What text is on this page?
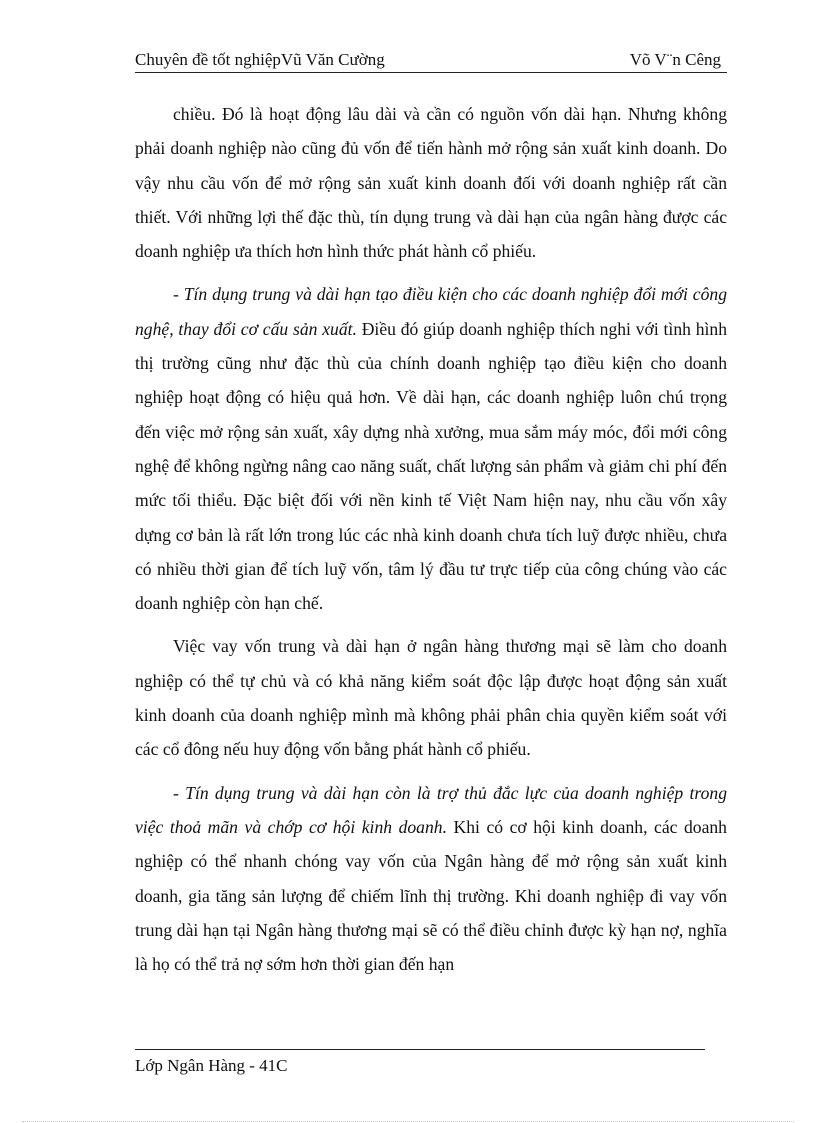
Chuyên đề tốt nghiệpVũ Văn Cường	Võ V¨n Cêng

chiều. Đó là hoạt động lâu dài và cần có nguồn vốn dài hạn. Nhưng không phải doanh nghiệp nào cũng đủ vốn để tiến hành mở rộng sản xuất kinh doanh. Do vậy nhu cầu vốn để mở rộng sản xuất kinh doanh đối với doanh nghiệp rất cần thiết. Với những lợi thế đặc thù, tín dụng trung và dài hạn của ngân hàng được các doanh nghiệp ưa thích hơn hình thức phát hành cổ phiếu.

- Tín dụng trung và dài hạn tạo điều kiện cho các doanh nghiệp đổi mới công nghệ, thay đổi cơ cấu sản xuất. Điều đó giúp doanh nghiệp thích nghi với tình hình thị trường cũng như đặc thù của chính doanh nghiệp tạo điều kiện cho doanh nghiệp hoạt động có hiệu quả hơn. Về dài hạn, các doanh nghiệp luôn chú trọng đến việc mở rộng sản xuất, xây dựng nhà xưởng, mua sắm máy móc, đổi mới công nghệ để không ngừng nâng cao năng suất, chất lượng sản phẩm và giảm chi phí đến mức tối thiểu. Đặc biệt đối với nền kinh tế Việt Nam hiện nay, nhu cầu vốn xây dựng cơ bản là rất lớn trong lúc các nhà kinh doanh chưa tích luỹ được nhiều, chưa có nhiều thời gian để tích luỹ vốn, tâm lý đầu tư trực tiếp của công chúng vào các doanh nghiệp còn hạn chế.

Việc vay vốn trung và dài hạn ở ngân hàng thương mại sẽ làm cho doanh nghiệp có thể tự chủ và có khả năng kiểm soát độc lập được hoạt động sản xuất kinh doanh của doanh nghiệp mình mà không phải phân chia quyền kiểm soát với các cổ đông nếu huy động vốn bằng phát hành cổ phiếu.

- Tín dụng trung và dài hạn còn là trợ thủ đắc lực của doanh nghiệp trong việc thoả mãn và chớp cơ hội kinh doanh. Khi có cơ hội kinh doanh, các doanh nghiệp có thể nhanh chóng vay vốn của Ngân hàng để mở rộng sản xuất kinh doanh, gia tăng sản lượng để chiếm lĩnh thị trường. Khi doanh nghiệp đi vay vốn trung dài hạn tại Ngân hàng thương mại sẽ có thể điều chỉnh được kỳ hạn nợ, nghĩa là họ có thể trả nợ sớm hơn thời gian đến hạn

Lớp Ngân Hàng - 41C
